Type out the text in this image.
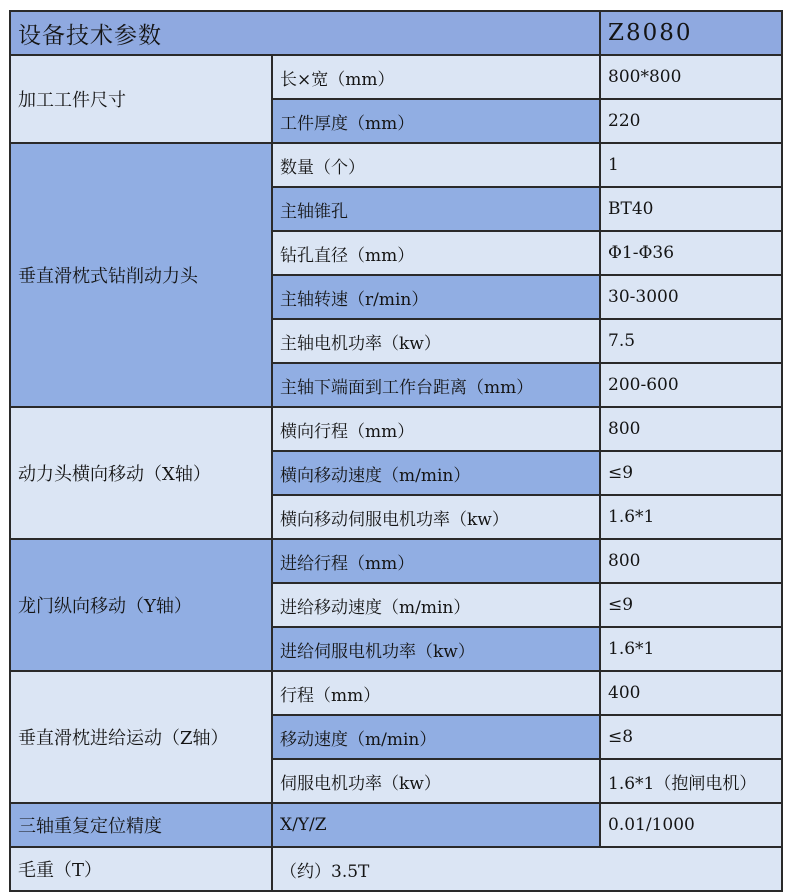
设备技术参数		Z8080
加工工件尺寸	长×宽（mm）	800*800
	工件厚度（mm）	220
垂直滑枕式钻削动力头	数量（个）	1
	主轴锥孔	BT40
	钻孔直径（mm）	Φ1-Φ36
	主轴转速（r/min）	30-3000
	主轴电机功率（kw）	7.5
	主轴下端面到工作台距离（mm）	200-600
动力头横向移动（X轴）	横向行程（mm）	800
	横向移动速度（m/min）	≤9
	横向移动伺服电机功率（kw）	1.6*1
龙门纵向移动（Y轴）	进给行程（mm）	800
	进给移动速度（m/min）	≤9
	进给伺服电机功率（kw）	1.6*1
垂直滑枕进给运动（Z轴）	行程（mm）	400
	移动速度（m/min）	≤8
	伺服电机功率（kw）	1.6*1（抱闸电机）
三轴重复定位精度	X/Y/Z	0.01/1000
毛重（T）	（约）3.5T	
